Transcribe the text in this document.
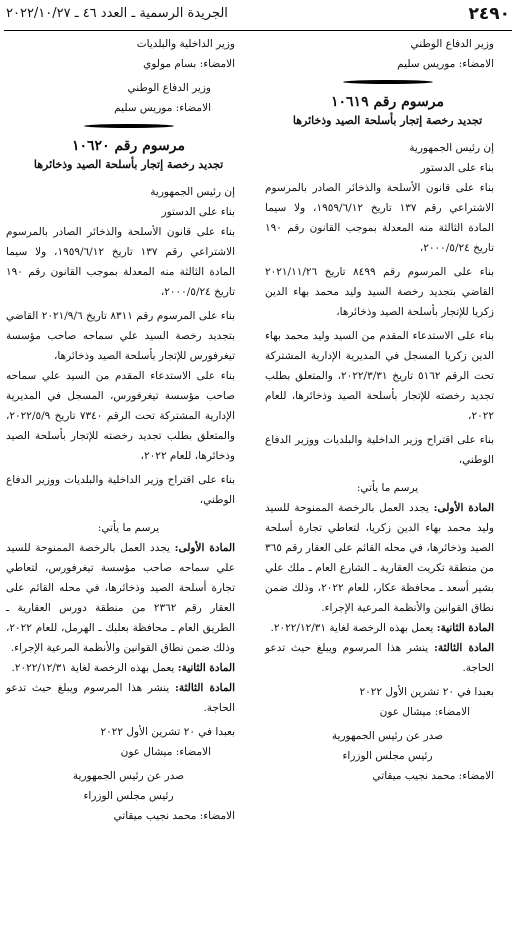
٢٤٩٠
الجريدة الرسمية ـ العدد ٤٦ ـ ٢٠٢٢/١٠/٢٧

وزير الدفاع الوطني

الامضاء: موريس سليم

مرسوم رقم ١٠٦١٩

تجديد رخصة إتجار بأسلحة الصيد وذخائرها

إن رئيس الجمهورية

بناء على الدستور

بناء على قانون الأسلحة والذخائر الصادر بالمرسوم الاشتراعي رقم ١٣٧ تاريخ ١٩٥٩/٦/١٢، ولا سيما المادة الثالثة منه المعدلة بموجب القانون رقم ١٩٠ تاريخ ٢٠٠٠/٥/٢٤،

بناء على المرسوم رقم ٨٤٩٩ تاريخ ٢٠٢١/١١/٢٦ القاضي بتجديد رخصة السيد وليد محمد بهاء الدين زكريا للإتجار بأسلحة الصيد وذخائرها،

بناء على الاستدعاء المقدم من السيد وليد محمد بهاء الدين زكريا المسجل في المديرية الإدارية المشتركة تحت الرقم ٥١٦٢ تاريخ ٢٠٢٢/٣/٣١، والمتعلق بطلب تجديد رخصته للإتجار بأسلحة الصيد وذخائرها، للعام ٢٠٢٢،

بناء على اقتراح وزير الداخلية والبلديات ووزير الدفاع الوطني،

يرسم ما يأتي:

المادة الأولى: يجدد العمل بالرخصة الممنوحة للسيد وليد محمد بهاء الدين زكريا، لتعاطي تجارة أسلحة الصيد وذخائرها، في محله القائم على العقار رقم ٣٦٥ من منطقة تكريت العقارية ـ الشارع العام ـ ملك علي بشير أسعد ـ محافظة عكار، للعام ٢٠٢٢، وذلك ضمن نطاق القوانين والأنظمة المرعية الإجراء.

المادة الثانية: يعمل بهذه الرخصة لغاية ٢٠٢٢/١٢/٣١.

المادة الثالثة: ينشر هذا المرسوم ويبلغ حيث تدعو الحاجة.

بعبدا في ٢٠ تشرين الأول ٢٠٢٢

الامضاء: ميشال عون

صدر عن رئيس الجمهورية

رئيس مجلس الوزراء

الامضاء: محمد نجيب ميقاتي

وزير الداخلية والبلديات

الامضاء: بسام مولوي

وزير الدفاع الوطني

الامضاء: موريس سليم

مرسوم رقم ١٠٦٢٠

تجديد رخصة إتجار بأسلحة الصيد وذخائرها

إن رئيس الجمهورية

بناء على الدستور

بناء على قانون الأسلحة والذخائر الصادر بالمرسوم الاشتراعي رقم ١٣٧ تاريخ ١٩٥٩/٦/١٢، ولا سيما المادة الثالثة منه المعدلة بموجب القانون رقم ١٩٠ تاريخ ٢٠٠٠/٥/٢٤،

بناء على المرسوم رقم ٨٣١١ تاريخ ٢٠٢١/٩/٦ القاضي بتجديد رخصة السيد علي سماحه صاحب مؤسسة تيغرفورس للإتجار بأسلحة الصيد وذخائرها،

بناء على الاستدعاء المقدم من السيد علي سماحه صاحب مؤسسة تيغرفورس، المسجل في المديرية الإدارية المشتركة تحت الرقم ٧٣٤٠ تاريخ ٢٠٢٢/٥/٩، والمتعلق بطلب تجديد رخصته للإتجار بأسلحة الصيد وذخائرها، للعام ٢٠٢٢،

بناء على اقتراح وزير الداخلية والبلديات ووزير الدفاع الوطني،

يرسم ما يأتي:

المادة الأولى: يجدد العمل بالرخصة الممنوحة للسيد علي سماحه صاحب مؤسسة تيغرفورس، لتعاطي تجارة أسلحة الصيد وذخائرها، في محله القائم على العقار رقم ٢٣٦٢ من منطقة دورس العقارية ـ الطريق العام ـ محافظة بعلبك ـ الهرمل، للعام ٢٠٢٢، وذلك ضمن نطاق القوانين والأنظمة المرعية الإجراء.

المادة الثانية: يعمل بهذه الرخصة لغاية ٢٠٢٢/١٢/٣١.

المادة الثالثة: ينشر هذا المرسوم ويبلغ حيث تدعو الحاجة.

بعبدا في ٢٠ تشرين الأول ٢٠٢٢

الامضاء: ميشال عون

صدر عن رئيس الجمهورية

رئيس مجلس الوزراء

الامضاء: محمد نجيب ميقاتي
